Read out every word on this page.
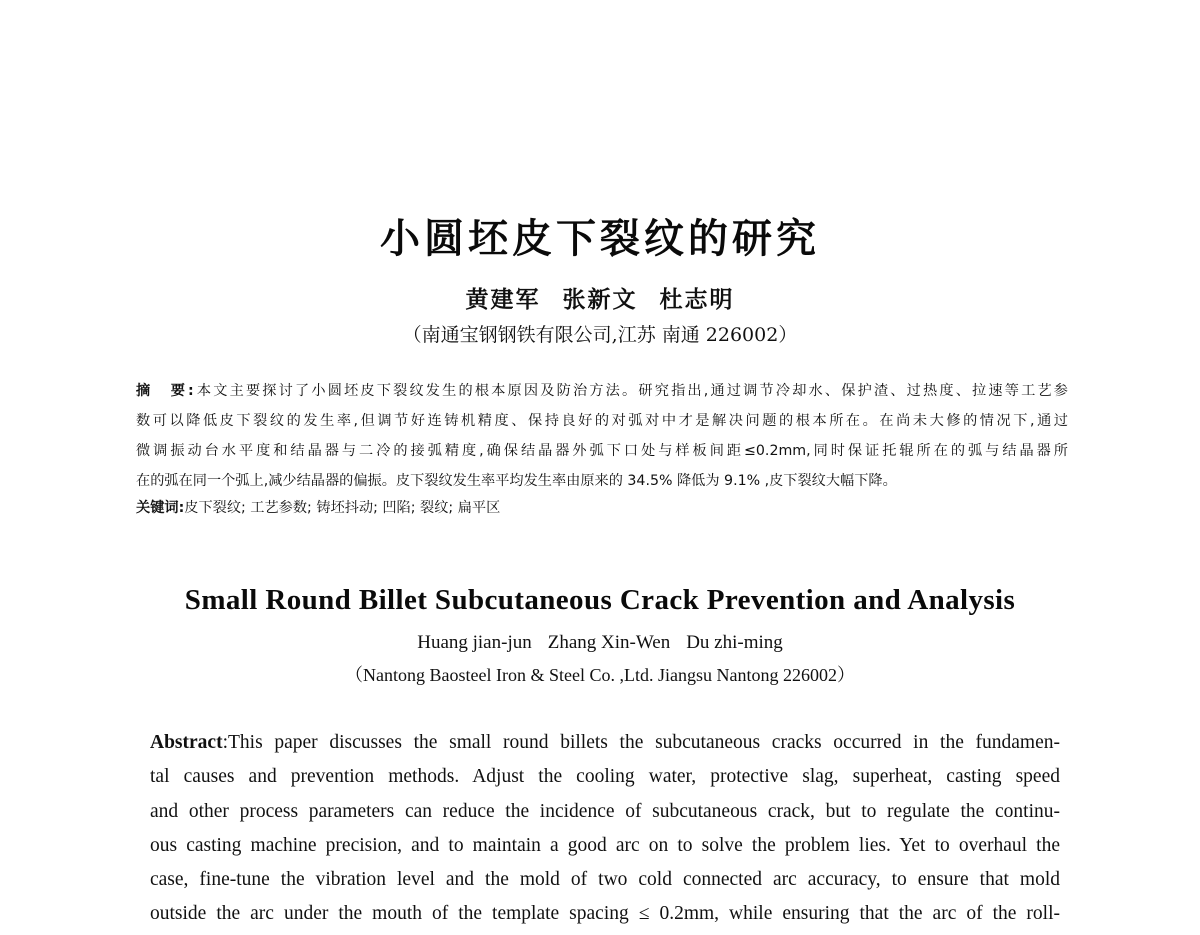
小圆坯皮下裂纹的研究
黄建军 张新文 杜志明
（南通宝钢钢铁有限公司,江苏 南通 226002）

摘　要:本文主要探讨了小圆坯皮下裂纹发生的根本原因及防治方法。研究指出,通过调节冷却水、保护渣、过热度、拉速等工艺参

数可以降低皮下裂纹的发生率,但调节好连铸机精度、保持良好的对弧对中才是解决问题的根本所在。在尚未大修的情况下,通过

微调振动台水平度和结晶器与二冷的接弧精度,确保结晶器外弧下口处与样板间距≤0.2mm,同时保证托辊所在的弧与结晶器所

在的弧在同一个弧上,减少结晶器的偏振。皮下裂纹发生率平均发生率由原来的 34.5% 降低为 9.1% ,皮下裂纹大幅下降。

关键词:皮下裂纹; 工艺参数; 铸坯抖动; 凹陷; 裂纹; 扁平区
Small Round Billet Subcutaneous Crack Prevention and Analysis
Huang jian-jun Zhang Xin-Wen Du zhi-ming
（Nantong Baosteel Iron & Steel Co. ,Ltd. Jiangsu Nantong 226002）

Abstract:This paper discusses the small round billets the subcutaneous cracks occurred in the fundamen-

tal causes and prevention methods. Adjust the cooling water, protective slag, superheat, casting speed

and other process parameters can reduce the incidence of subcutaneous crack, but to regulate the continu-

ous casting machine precision, and to maintain a good arc on to solve the problem lies. Yet to overhaul the

case, fine-tune the vibration level and the mold of two cold connected arc accuracy, to ensure that mold

outside the arc under the mouth of the template spacing ≤ 0.2mm, while ensuring that the arc of the roll-
